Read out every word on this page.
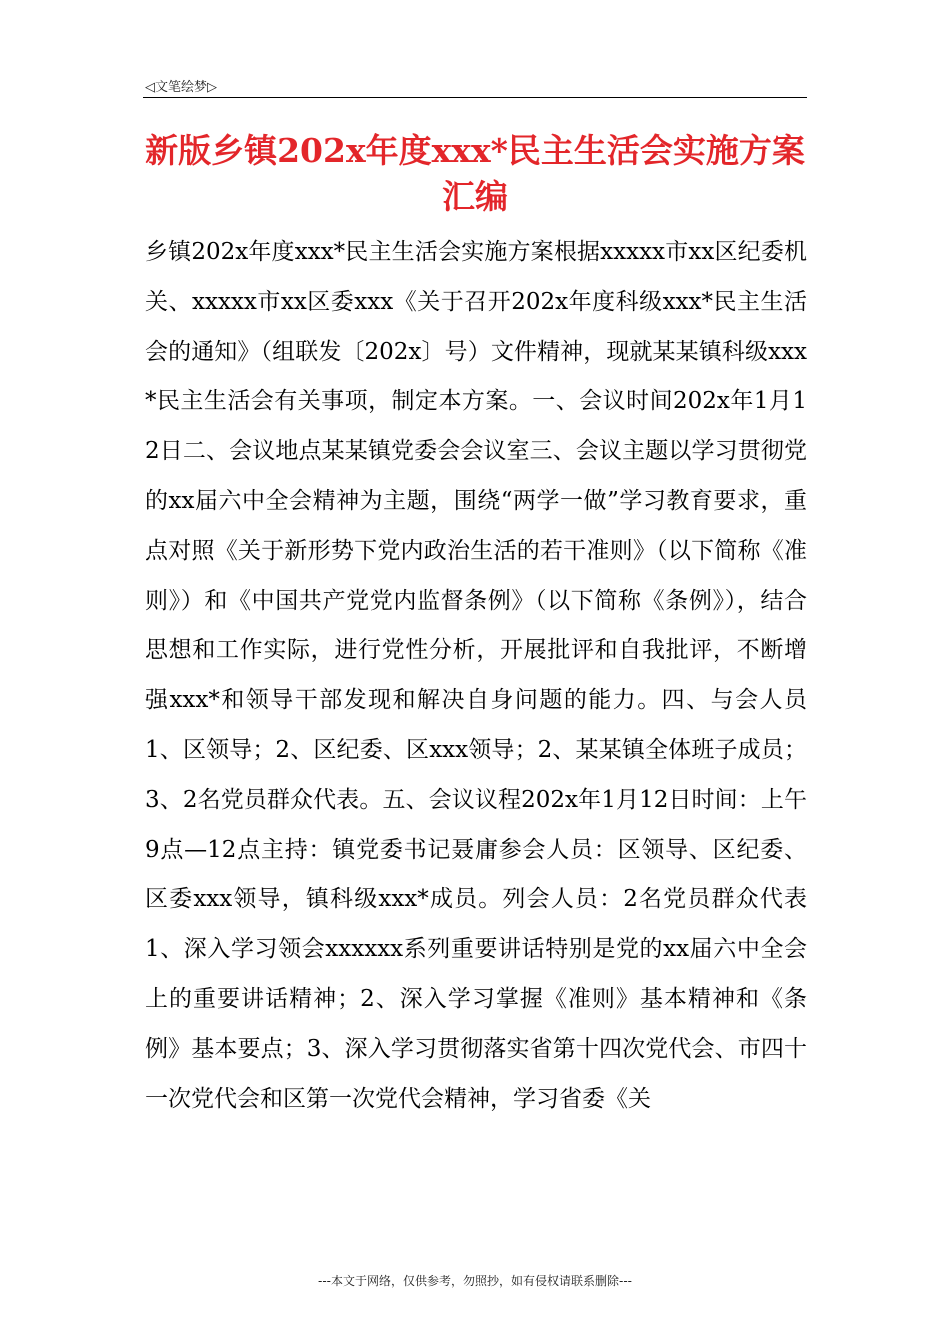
◁文笔绘梦▷
新版乡镇202x年度xxx*民主生活会实施方案汇编

乡镇202x年度xxx*民主生活会实施方案根据xxxxx市xx区纪委机关、xxxxx市xx区委xxx《关于召开202x年度科级xxx*民主生活会的通知》（组联发〔202x〕号）文件精神，现就某某镇科级xxx*民主生活会有关事项，制定本方案。一、会议时间202x年1月12日二、会议地点某某镇党委会会议室三、会议主题以学习贯彻党的xx届六中全会精神为主题，围绕“两学一做”学习教育要求，重点对照《关于新形势下党内政治生活的若干准则》（以下简称《准则》）和《中国共产党党内监督条例》（以下简称《条例》），结合思想和工作实际，进行党性分析，开展批评和自我批评，不断增强xxx*和领导干部发现和解决自身问题的能力。四、与会人员1、区领导；2、区纪委、区xxx领导；2、某某镇全体班子成员；3、2名党员群众代表。五、会议议程202x年1月12日时间：上午9点—12点主持：镇党委书记聂庸参会人员：区领导、区纪委、区委xxx领导，镇科级xxx*成员。列会人员：2名党员群众代表1、深入学习领会xxxxxx系列重要讲话特别是党的xx届六中全会上的重要讲话精神；2、深入学习掌握《准则》基本精神和《条例》基本要点；3、深入学习贯彻落实省第十四次党代会、市四十一次党代会和区第一次党代会精神，学习省委《关

---本文于网络，仅供参考，勿照抄，如有侵权请联系删除---
